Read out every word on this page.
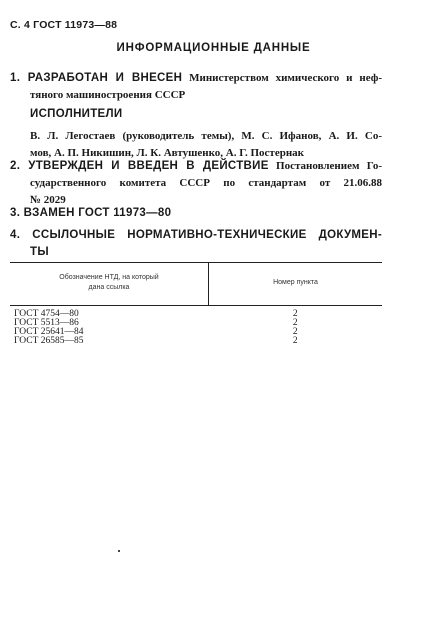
С. 4 ГОСТ 11973—88
ИНФОРМАЦИОННЫЕ ДАННЫЕ
1. РАЗРАБОТАН И ВНЕСЕН Министерством химического и неф-
тяного машиностроения СССР
ИСПОЛНИТЕЛИ
В. Л. Легостаев (руководитель темы), М. С. Ифанов, А. И. Со-
мов, А. П. Никишин, Л. К. Автушенко, А. Г. Постернак
2. УТВЕРЖДЕН И ВВЕДЕН В ДЕЙСТВИЕ Постановлением Го-
сударственного комитета СССР по стандартам от 21.06.88
№ 2029
3. ВЗАМЕН ГОСТ 11973—80
4. ССЫЛОЧНЫЕ НОРМАТИВНО-ТЕХНИЧЕСКИЕ ДОКУМЕН-
ТЫ
Обозначение НТД, на который
дана ссылка	Номер пункта
ГОСТ 4754—80	2
ГОСТ 5513—86	2
ГОСТ 25641—84	2
ГОСТ 26585—85	2
